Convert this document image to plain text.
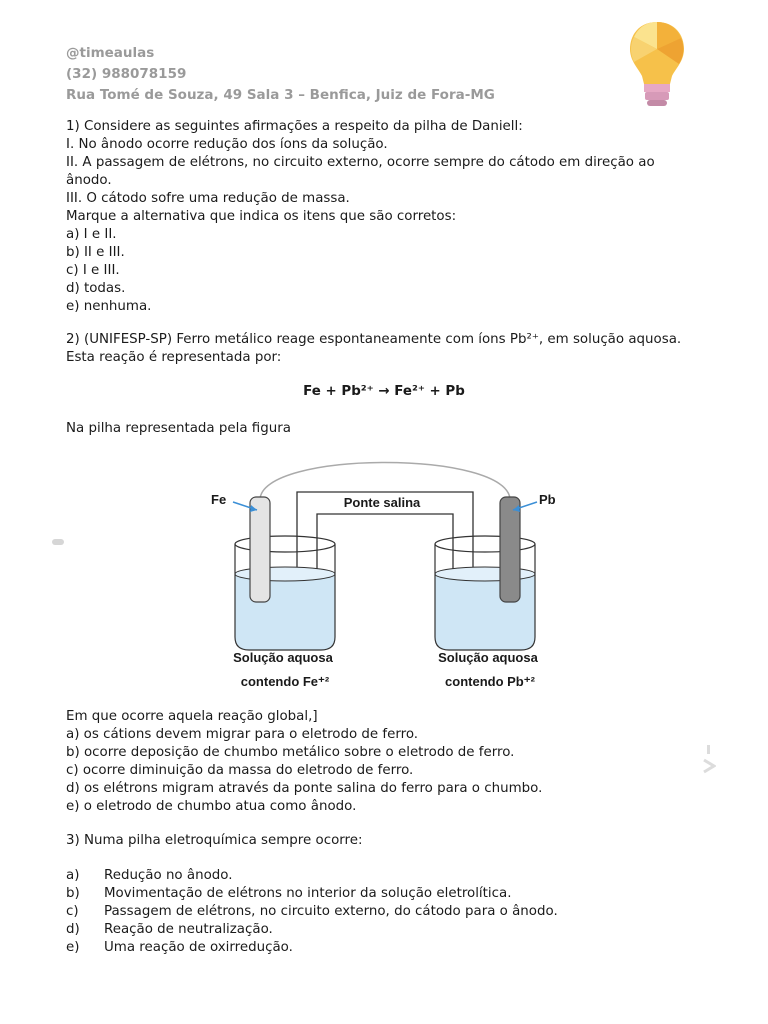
@timeaulas
(32) 988078159
Rua Tomé de Souza, 49 Sala 3 – Benfica, Juiz de Fora-MG
1) Considere as seguintes afirmações a respeito da pilha de Daniell:
I. No ânodo ocorre redução dos íons da solução.
II. A passagem de elétrons, no circuito externo, ocorre sempre do cátodo em direção ao
ânodo.
III. O cátodo sofre uma redução de massa.
Marque a alternativa que indica os itens que são corretos:
a) I e II.
b) II e III.
c) I e III.
d) todas.
e) nenhuma.
2) (UNIFESP-SP) Ferro metálico reage espontaneamente com íons Pb²⁺, em solução aquosa.
Esta reação é representada por:
Fe + Pb²⁺ → Fe²⁺ + Pb
Na pilha representada pela figura
Ponte salina
Fe	Pb
Solução aquosa
contendo Fe⁺²
Solução aquosa
contendo Pb⁺²
Em que ocorre aquela reação global,]
a) os cátions devem migrar para o eletrodo de ferro.
b) ocorre deposição de chumbo metálico sobre o eletrodo de ferro.
c) ocorre diminuição da massa do eletrodo de ferro.
d) os elétrons migram através da ponte salina do ferro para o chumbo.
e) o eletrodo de chumbo atua como ânodo.
3) Numa pilha eletroquímica sempre ocorre:
a)	Redução no ânodo.
b)	Movimentação de elétrons no interior da solução eletrolítica.
c)	Passagem de elétrons, no circuito externo, do cátodo para o ânodo.
d)	Reação de neutralização.
e)	Uma reação de oxirredução.
